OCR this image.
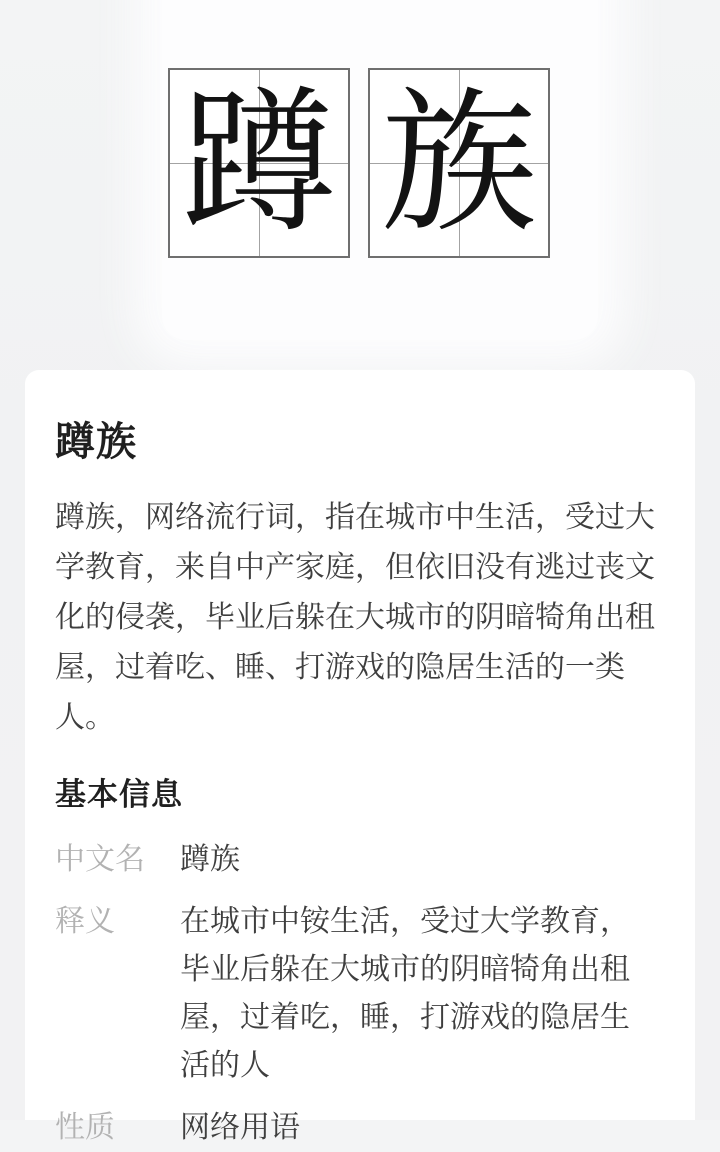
蹲 族
蹲族
蹲族，网络流行词，指在城市中生活，受过大学教育，来自中产家庭，但依旧没有逃过丧文化的侵袭，毕业后躲在大城市的阴暗犄角出租屋，过着吃、睡、打游戏的隐居生活的一类人。
基本信息
中文名	蹲族
释义	在城市中铵生活，受过大学教育，毕业后躲在大城市的阴暗犄角出租屋，过着吃，睡，打游戏的隐居生活的人
性质	网络用语
